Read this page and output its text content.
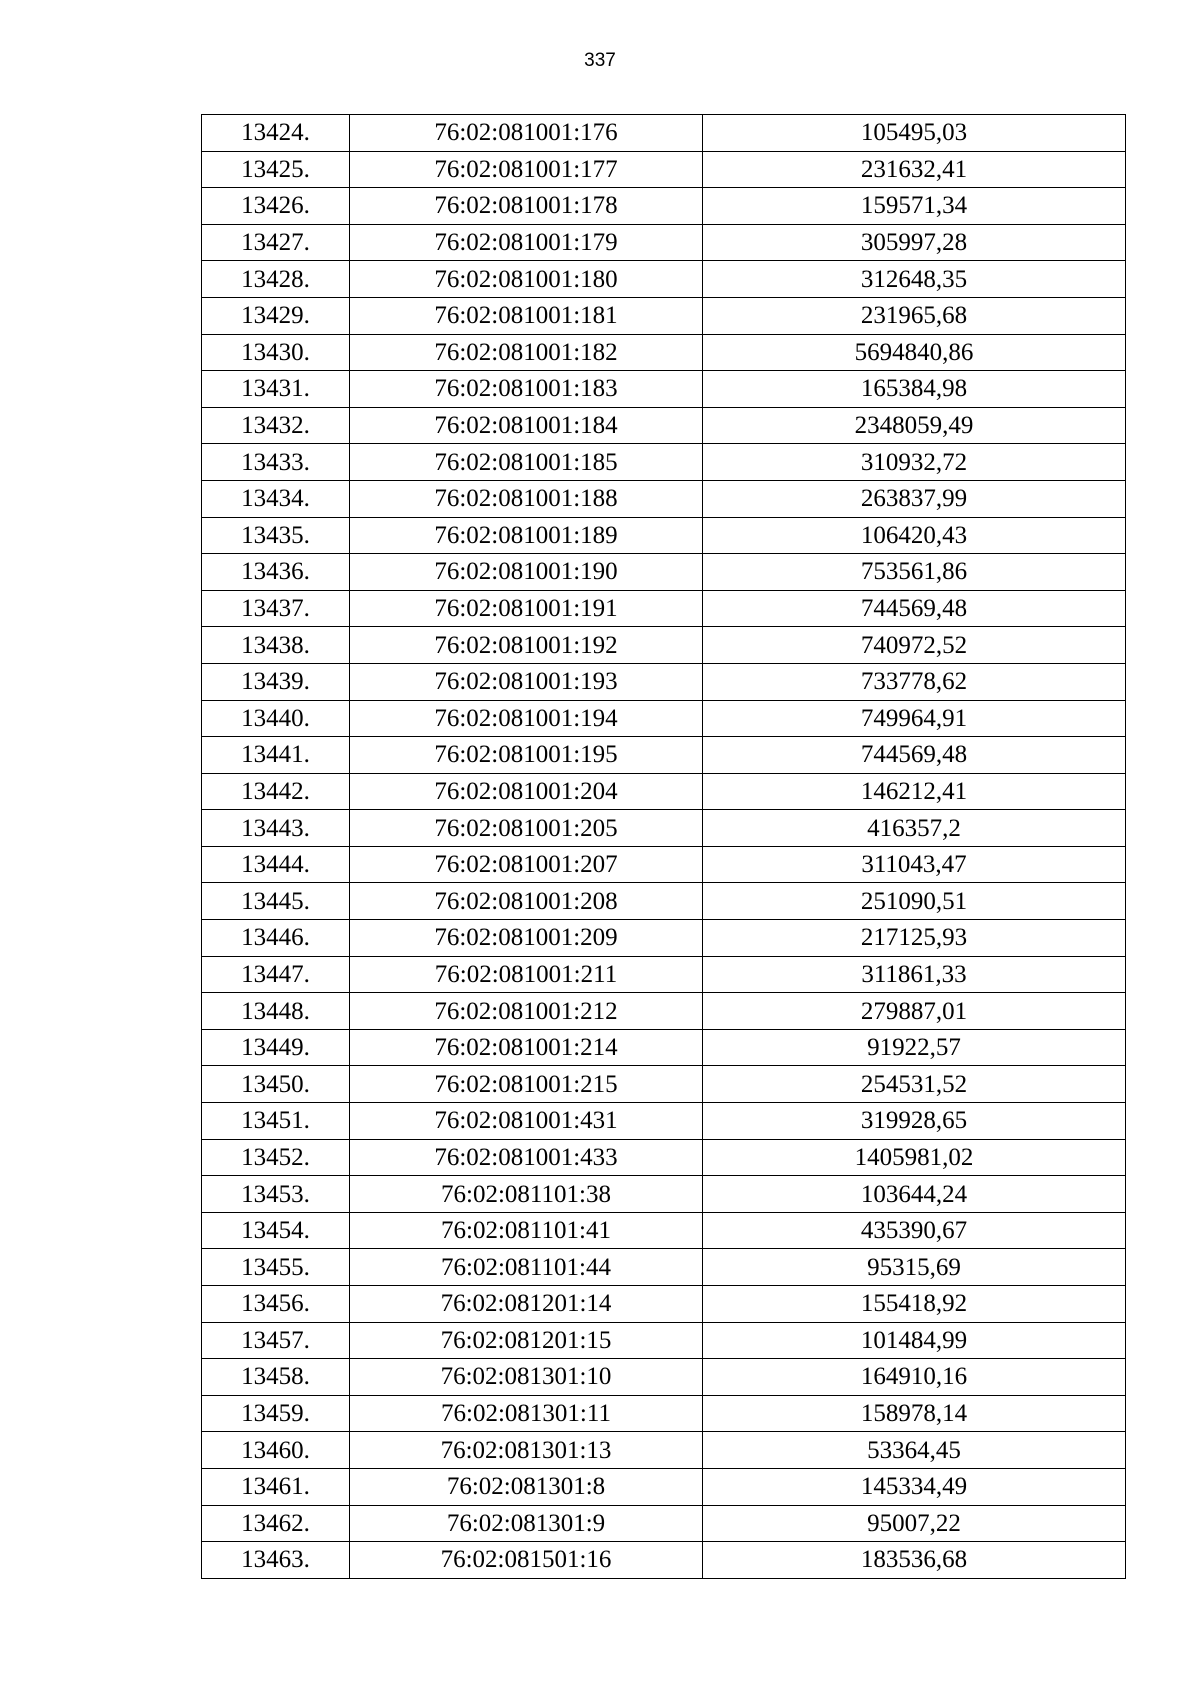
337
13424.	76:02:081001:176	105495,03
13425.	76:02:081001:177	231632,41
13426.	76:02:081001:178	159571,34
13427.	76:02:081001:179	305997,28
13428.	76:02:081001:180	312648,35
13429.	76:02:081001:181	231965,68
13430.	76:02:081001:182	5694840,86
13431.	76:02:081001:183	165384,98
13432.	76:02:081001:184	2348059,49
13433.	76:02:081001:185	310932,72
13434.	76:02:081001:188	263837,99
13435.	76:02:081001:189	106420,43
13436.	76:02:081001:190	753561,86
13437.	76:02:081001:191	744569,48
13438.	76:02:081001:192	740972,52
13439.	76:02:081001:193	733778,62
13440.	76:02:081001:194	749964,91
13441.	76:02:081001:195	744569,48
13442.	76:02:081001:204	146212,41
13443.	76:02:081001:205	416357,2
13444.	76:02:081001:207	311043,47
13445.	76:02:081001:208	251090,51
13446.	76:02:081001:209	217125,93
13447.	76:02:081001:211	311861,33
13448.	76:02:081001:212	279887,01
13449.	76:02:081001:214	91922,57
13450.	76:02:081001:215	254531,52
13451.	76:02:081001:431	319928,65
13452.	76:02:081001:433	1405981,02
13453.	76:02:081101:38	103644,24
13454.	76:02:081101:41	435390,67
13455.	76:02:081101:44	95315,69
13456.	76:02:081201:14	155418,92
13457.	76:02:081201:15	101484,99
13458.	76:02:081301:10	164910,16
13459.	76:02:081301:11	158978,14
13460.	76:02:081301:13	53364,45
13461.	76:02:081301:8	145334,49
13462.	76:02:081301:9	95007,22
13463.	76:02:081501:16	183536,68
